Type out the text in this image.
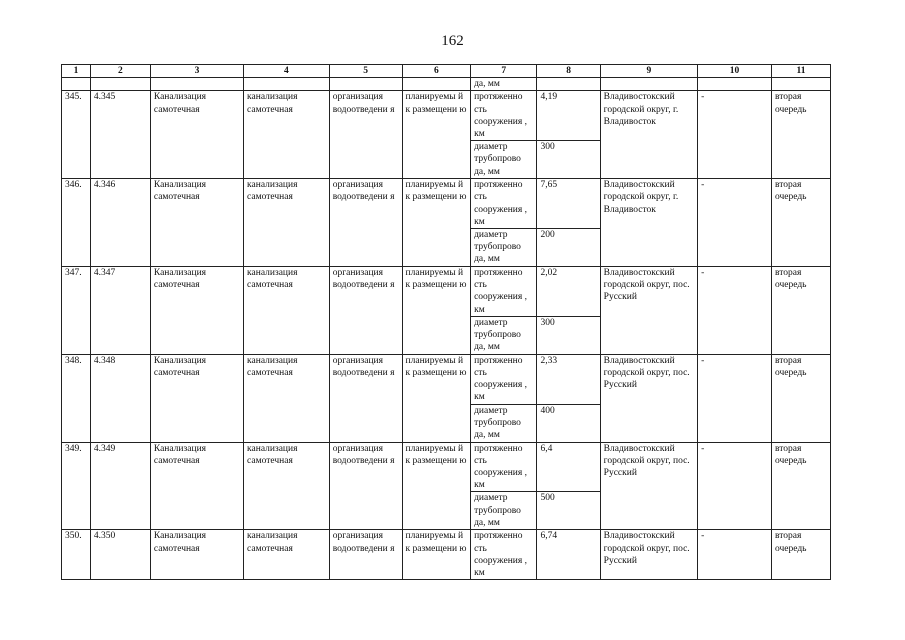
162
1	2	3	4	5	6	7	8	9	10	11
						да, мм				
345.	4.345	Канализация самотечная	канализация самотечная	организация водоотведени я	планируемы й к размещени ю	протяженно сть сооружения , км	4,19	Владивостокский городской округ, г. Владивосток	-	вторая очередь
						диаметр трубопрово да, мм	300			
346.	4.346	Канализация самотечная	канализация самотечная	организация водоотведени я	планируемы й к размещени ю	протяженно сть сооружения , км	7,65	Владивостокский городской округ, г. Владивосток	-	вторая очередь
						диаметр трубопрово да, мм	200			
347.	4.347	Канализация самотечная	канализация самотечная	организация водоотведени я	планируемы й к размещени ю	протяженно сть сооружения , км	2,02	Владивостокский городской округ, пос. Русский	-	вторая очередь
						диаметр трубопрово да, мм	300			
348.	4.348	Канализация самотечная	канализация самотечная	организация водоотведени я	планируемы й к размещени ю	протяженно сть сооружения , км	2,33	Владивостокский городской округ, пос. Русский	-	вторая очередь
						диаметр трубопрово да, мм	400			
349.	4.349	Канализация самотечная	канализация самотечная	организация водоотведени я	планируемы й к размещени ю	протяженно сть сооружения , км	6,4	Владивостокский городской округ, пос. Русский	-	вторая очередь
						диаметр трубопрово да, мм	500			
350.	4.350	Канализация самотечная	канализация самотечная	организация водоотведени я	планируемы й к размещени ю	протяженно сть сооружения , км	6,74	Владивостокский городской округ, пос. Русский	-	вторая очередь
